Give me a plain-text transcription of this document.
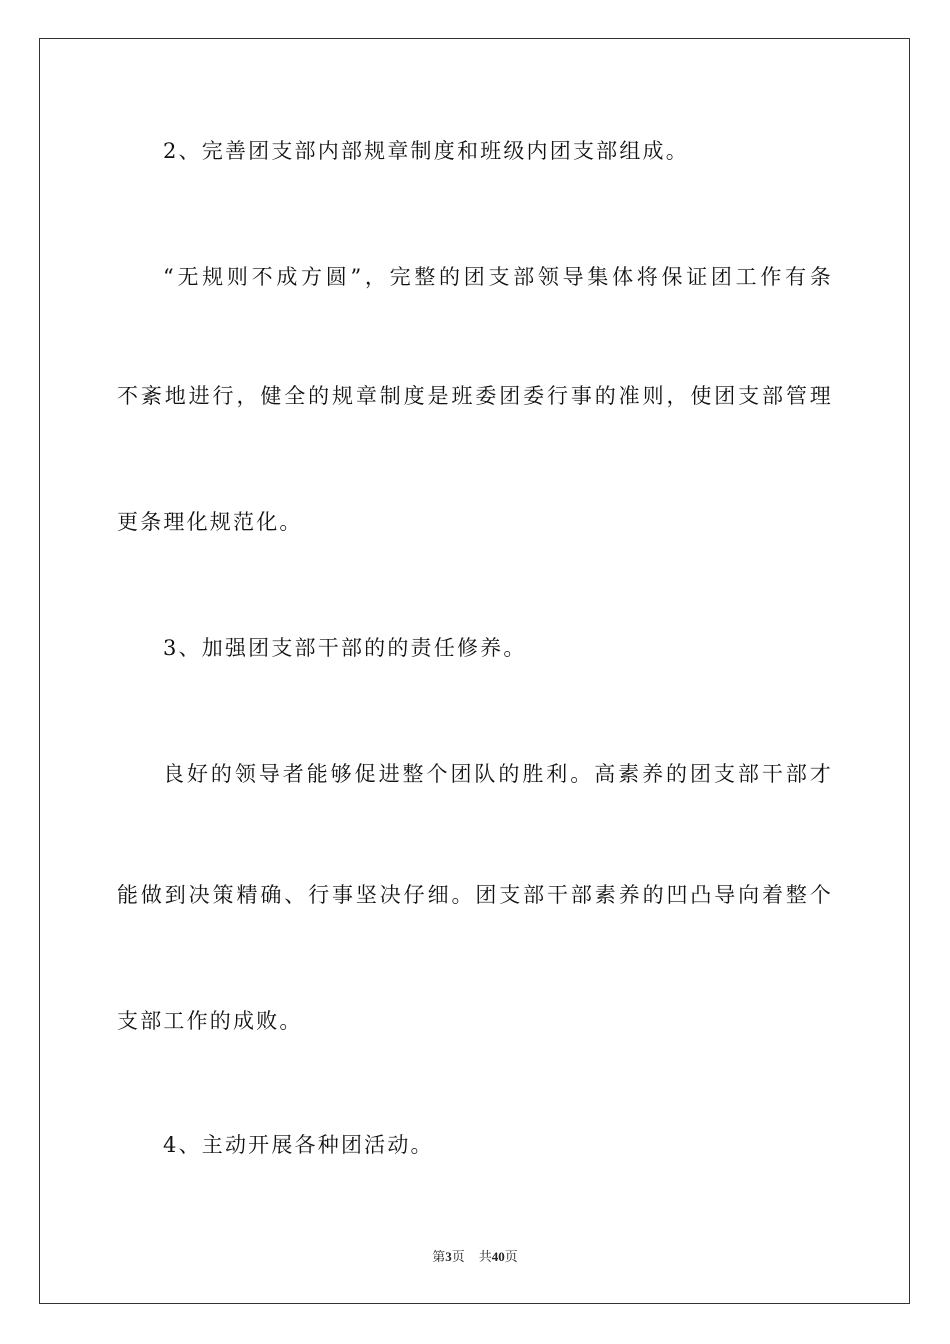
2、完善团支部内部规章制度和班级内团支部组成。
“无规则不成方圆”，完整的团支部领导集体将保证团工作有条
不紊地进行，健全的规章制度是班委团委行事的准则，使团支部管理
更条理化规范化。
3、加强团支部干部的的责任修养。
良好的领导者能够促进整个团队的胜利。高素养的团支部干部才
能做到决策精确、行事坚决仔细。团支部干部素养的凹凸导向着整个
支部工作的成败。
4、主动开展各种团活动。
第3页 共40页
